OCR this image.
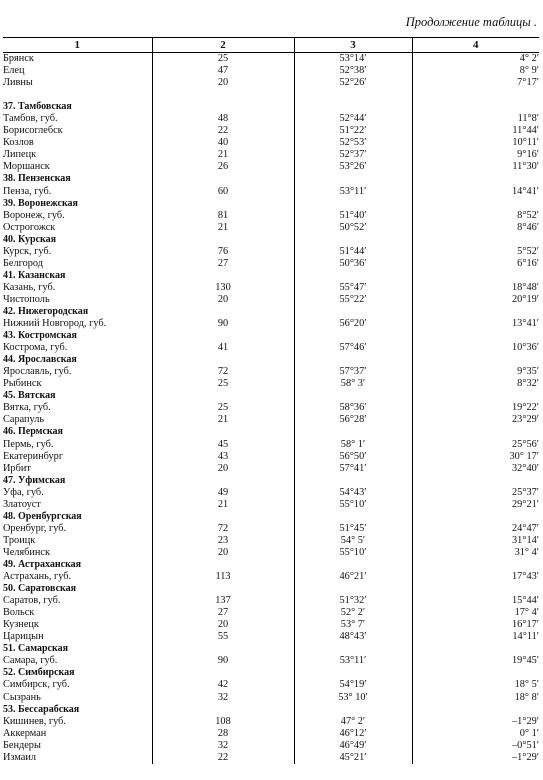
Продолжение таблицы .
1	2	3	4
Брянск	25	53°14′	4° 2′
Елец	47	52°38′	8° 9′
Ливны	20	52°26′	7°17′

37. Тамбовская			
Тамбов, губ.	48	52°44′	11°8′
Борисоглебск	22	51°22′	11°44′
Козлов	40	52°53′	10°11′
Липецк	21	52°37′	9°16′
Моршанск	26	53°26′	11°30′
38. Пензенская			
Пенза, губ.	60	53°11′	14°41′
39. Воронежская			
Воронеж, губ.	81	51°40′	8°52′
Острогожск	21	50°52′	8°46′
40. Курская			
Курск, губ.	76	51°44′	5°52′
Белгород	27	50°36′	6°16′
41. Казанская			
Казань, губ.	130	55°47′	18°48′
Чистополь	20	55°22′	20°19′
42. Нижегородская			
Нижний Новгород, губ.	90	56°20′	13°41′
43. Костромская			
Кострома, губ.	41	57°46′	10°36′
44. Ярославская			
Ярославль, губ.	72	57°37′	9°35′
Рыбинск	25	58° 3′	8°32′
45. Вятская			
Вятка, губ.	25	58°36′	19°22′
Сарапуль	21	56°28′	23°29′
46. Пермская			
Пермь, губ.	45	58° 1′	25°56′
Екатеринбург	43	56°50′	30° 17′
Ирбит	20	57°41′	32°40′
47. Уфимская			
Уфа, губ.	49	54°43′	25°37′
Златоуст	21	55°10′	29°21′
48. Оренбургская			
Оренбург, губ.	72	51°45′	24°47′
Троицк	23	54° 5′	31°14′
Челябинск	20	55°10′	31° 4′
49. Астраханская			
Астрахань, губ.	113	46°21′	17°43′
50. Саратовская			
Саратов, губ.	137	51°32′	15°44′
Вольск	27	52° 2′	17° 4′
Кузнецк	20	53° 7′	16°17′
Царицын	55	48°43′	14°11′
51. Самарская			
Самара, губ.	90	53°11′	19°45′
52. Симбирская			
Симбирск, губ.	42	54°19′	18° 5′
Сызрань	32	53° 10′	18° 8′
53. Бессарабская			
Кишинев, губ.	108	47° 2′	–1°29′
Аккерман	28	46°12′	0° 1′
Бендеры	32	46°49′	–0°51′
Измаил	22	45°21′	–1°29′
